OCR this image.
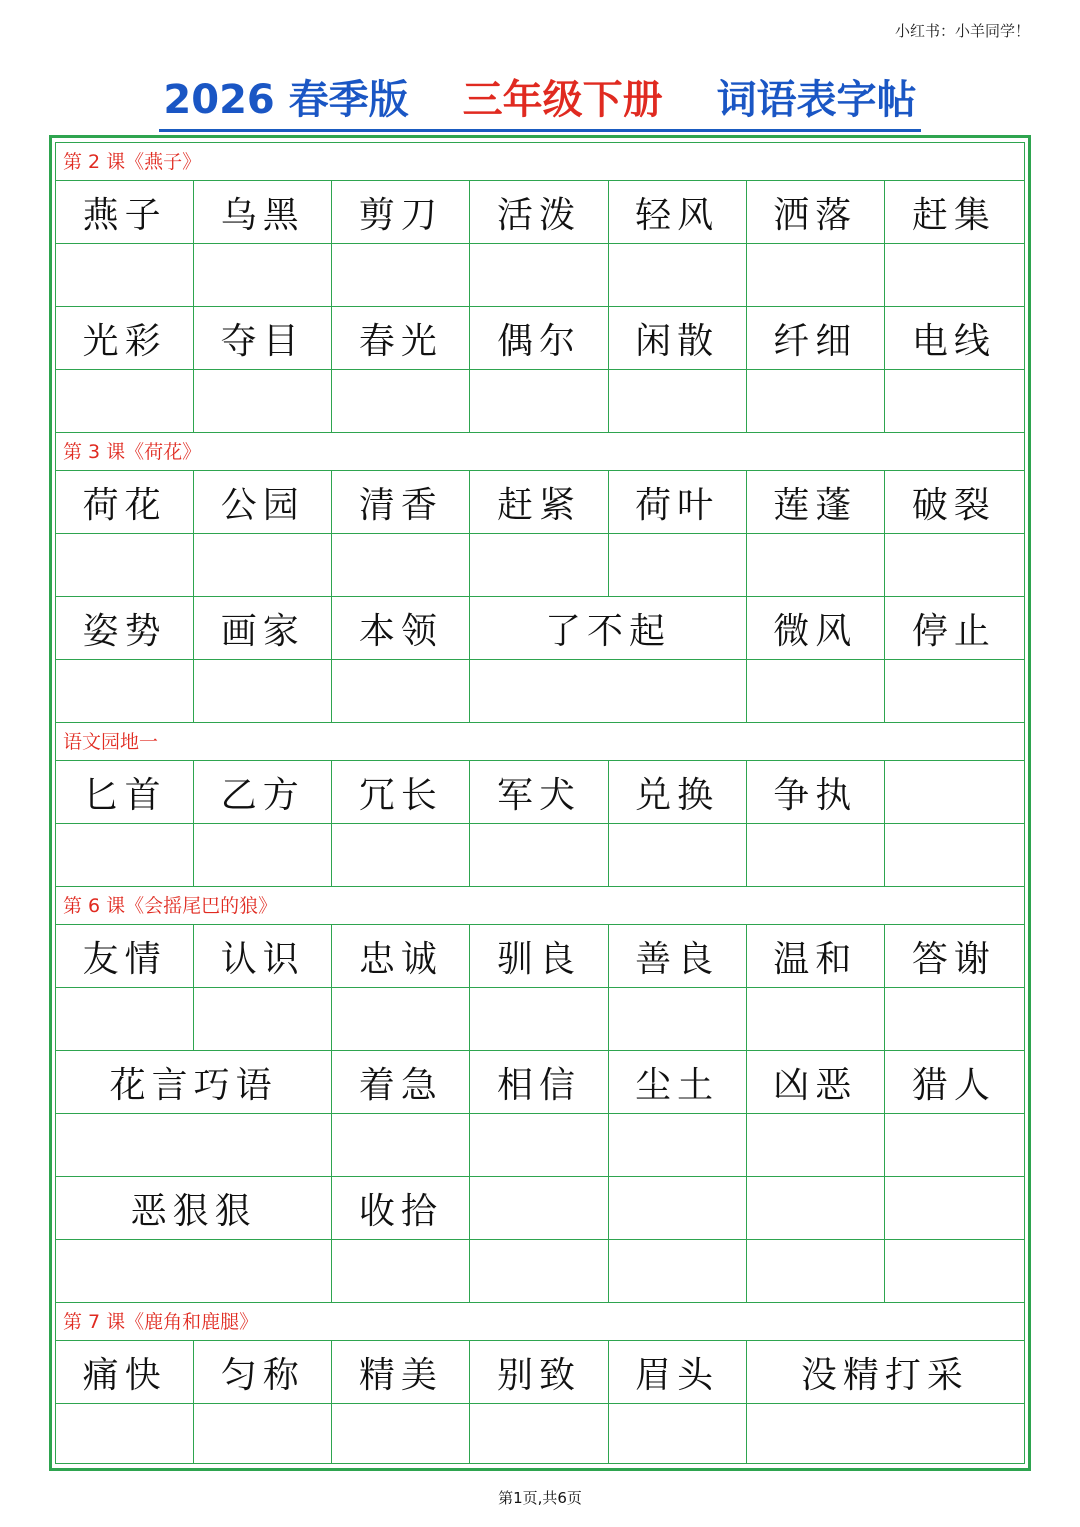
小红书：小羊同学！
2026 春季版 三年级下册 词语表字帖
第 2 课《燕子》
燕子	乌黑	剪刀	活泼	轻风	洒落	赶集
光彩	夺目	春光	偶尔	闲散	纤细	电线
第 3 课《荷花》
荷花	公园	清香	赶紧	荷叶	莲蓬	破裂
姿势	画家	本领	了不起	微风	停止
语文园地一
匕首	乙方	冗长	军犬	兑换	争执
第 6 课《会摇尾巴的狼》
友情	认识	忠诚	驯良	善良	温和	答谢
花言巧语	着急	相信	尘土	凶恶	猎人
恶狠狠	收拾
第 7 课《鹿角和鹿腿》
痛快	匀称	精美	别致	眉头	没精打采
第1页,共6页
